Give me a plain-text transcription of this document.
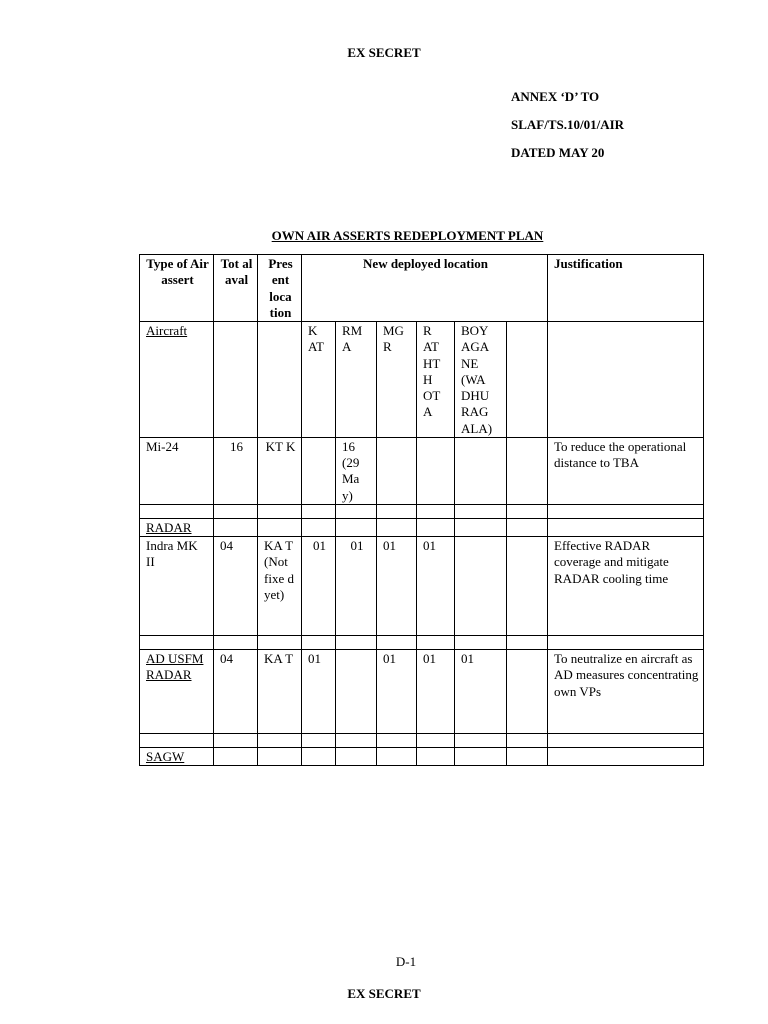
EX SECRET
ANNEX ‘D’ TO
SLAF/TS.10/01/AIR
DATED MAY 20
OWN AIR ASSERTS REDEPLOYMENT PLAN
Type of Air assert	Tot al aval	Pres ent loca tion	New deployed location						Justification
Aircraft			K AT	RM A	MG R	R AT HT H OT A	BOY AGA NE (WA DHU RAG ALA)		
Mi-24	16	KT K		16 (29 Ma y)					To reduce the operational distance to TBA

RADAR									
Indra MK II	04	KA T (Not fixe d yet)	01	01	01	01			Effective RADAR coverage and mitigate RADAR cooling time

AD USFM RADAR	04	KA T	01		01	01	01		To neutralize en aircraft as AD measures concentrating own VPs

SAGW									
D-1
EX SECRET
